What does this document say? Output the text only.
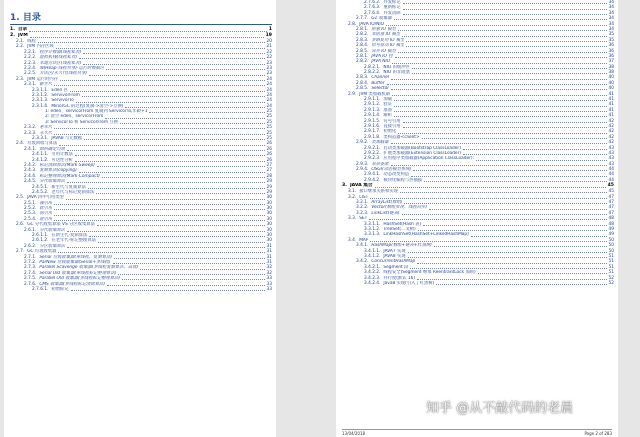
1. 目录
1. 目录	1
2. JVM	19
2.1. 线程	20
2.2. JVM 内存区域	21
2.2.1. 程序计数器(线程私有)	22
2.2.2. 虚拟机栈(线程私有)	22
2.2.3. 本地方法区(线程私有)	23
2.2.4. 堆(Heap-线程共享)-运行时数据区	23
2.2.5. 方法区/永久代(线程共享)	23
2.3. JVM 运行时内存	24
2.3.1. 新生代	24
2.3.1.1. Eden 区	24
2.3.1.2. ServivorFrom	24
2.3.1.3. ServivorTo	24
2.3.1.4. MinorGC 的过程(复制->清空->互换)	24
1: eden、servicorFrom 复制到 ServicorTo,年龄+1	25
2: 清空 eden、servicorFrom	25
3: ServicorTo 和 ServicorFrom 互换	25
2.3.2. 老年代	25
2.3.3. 永久代	25
2.3.3.1. JAVA8 与元数据	25
2.4. 垃圾回收与算法	26
2.4.1. 如何确定垃圾	26
2.4.1.1. 引用计数法	26
2.4.1.2. 可达性分析	26
2.4.2. 标记清除算法(Mark-Sweep)	27
2.4.3. 复制算法(copying)	27
2.4.4. 标记整理算法(Mark-Compact)	28
2.4.5. 分代收集算法	29
2.4.5.1. 新生代与复制算法	29
2.4.5.2. 老年代与标记复制算法	29
2.5. JAVA 四中引用类型	30
2.5.1. 强引用	30
2.5.2. 软引用	30
2.5.3. 弱引用	30
2.5.4. 虚引用	30
2.6. GC 分代收集算法 VS 分区收集算法	30
2.6.1. 分代收集算法	30
2.6.1.1. 在新生代-复制算法	30
2.6.1.2. 在老年代-标记整理算法	30
2.6.2. 分区收集算法	31
2.7. GC 垃圾收集器	31
2.7.1. Serial 垃圾收集器(单线程、复制算法)	31
2.7.2. ParNew 垃圾收集器(Serial+多线程)	31
2.7.3. Parallel Scavenge 收集器(多线程复制算法、高效)	32
2.7.4. Serial Old 收集器(单线程标记整理算法)	32
2.7.5. Parallel Old 收集器(多线程标记整理算法)	33
2.7.6. CMS 收集器(多线程标记清除算法)	33
2.7.6.1. 初始标记	33
2.7.6.2. 并发标记	34
2.7.6.3. 重新标记	34
2.7.6.4. 并发清除	34
2.7.7. G1 收集器	34
2.8. JAVA IO/NIO	34
2.8.1. 阻塞 IO 模型	34
2.8.2. 非阻塞 IO 模型	35
2.8.3. 多路复用 IO 模型	35
2.8.4. 信号驱动 IO 模型	36
2.8.5. 异步 IO 模型	36
2.8.1. JAVA IO 包	36
2.8.2. JAVA NIO	37
2.8.2.1. NIO 的缓冲区	38
2.8.2.2. NIO 的非阻塞	38
2.8.3. Channel	40
2.8.4. Buffer	40
2.8.5. Selector	40
2.9. JVM 类加载机制	41
2.9.1.1. 加载	41
2.9.1.2. 验证	41
2.9.1.3. 准备	41
2.9.1.4. 解析	41
2.9.1.5. 符号引用	42
2.9.1.6. 直接引用	42
2.9.1.7. 初始化	42
2.9.1.8. 类构造器<client>	42
2.9.2. 类加载器	42
2.9.2.1. 启动类加载器(Bootstrap ClassLoader)	43
2.9.2.2. 扩展类加载器(Extension ClassLoader)	43
2.9.2.3. 应用程序类加载器(Application ClassLoader):	43
2.9.3. 双亲委派	43
2.9.4. OSGI(动态模型系统)	44
2.9.4.1. 动态改变构造	44
2.9.4.2. 模块化编程与热插拔	44
3. JAVA 集合	45
3.1. 接口继承关系和实现	45
3.2. LIST	47
3.2.1. ArrayList(数组)	47
3.2.2. Vector(数组实现、线程同步)	47
3.2.3. LinkList(链表)	47
3.3. SET	48
3.3.1.1. HashSet(Hash 表)	48
3.3.1.2. TreeSet(二叉树)	49
3.3.1.3. LinkHashSet(HashSet+LinkedHashMap)	49
3.4. MAP	50
3.4.1. HashMap(数组+链表+红黑树)	50
3.4.1.1. JAVA7 实现	50
3.4.1.2. JAVA8 实现	51
3.4.2. ConcurrentHashMap	51
3.4.2.1. Segment 段	51
3.4.2.2. 线程安全(Segment 继承 ReentrantLock 加锁)	51
3.4.2.3. 并行度(默认 16)	52
3.4.2.4. Java8 实现(引入了红黑树)	52
13/04/2018	Page 2 of 283
知乎 @从不敲代码的老晨
